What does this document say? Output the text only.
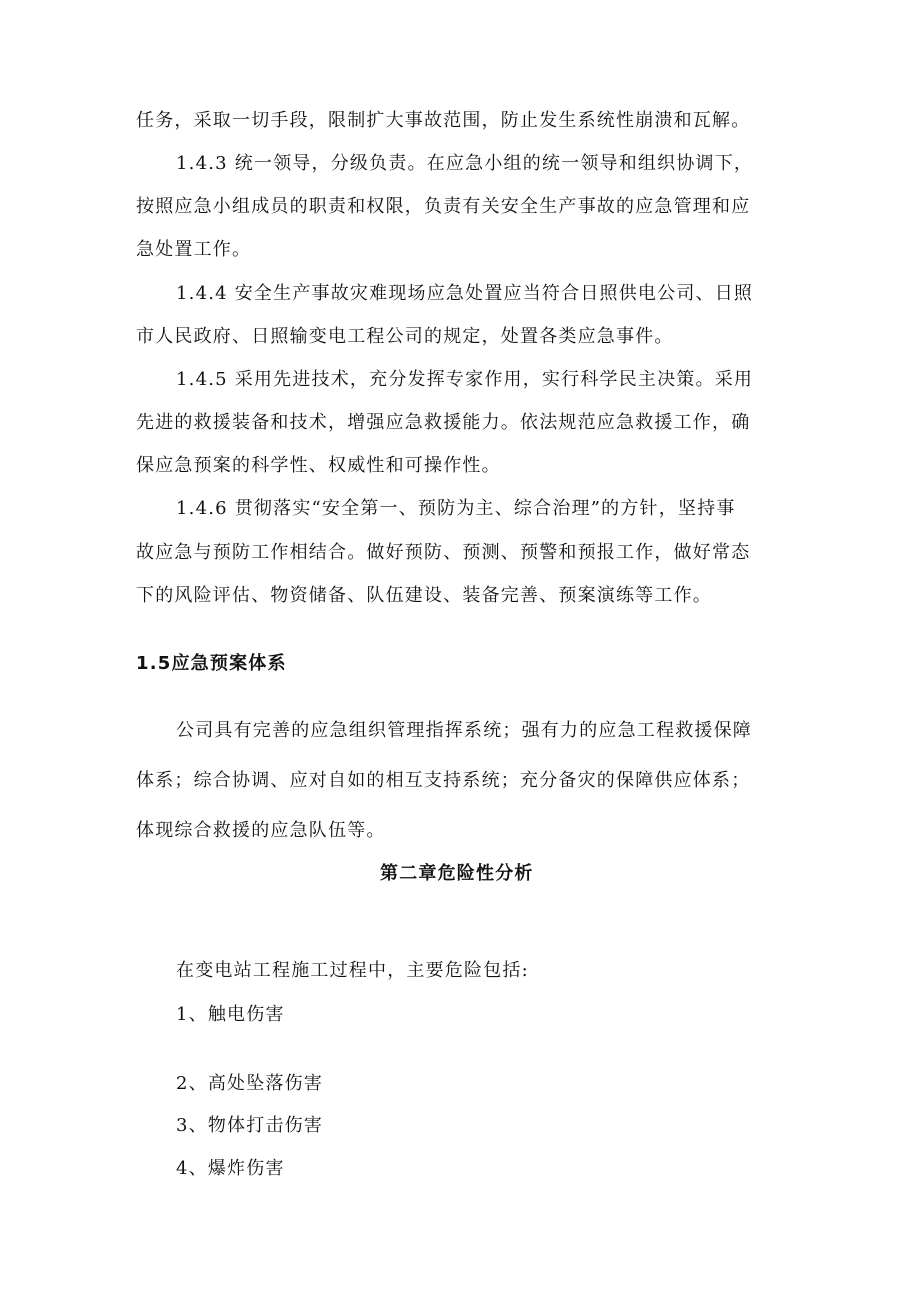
任务，采取一切手段，限制扩大事故范围，防止发生系统性崩溃和瓦解。
1.4.3 统一领导，分级负责。在应急小组的统一领导和组织协调下，
按照应急小组成员的职责和权限，负责有关安全生产事故的应急管理和应
急处置工作。
1.4.4 安全生产事故灾难现场应急处置应当符合日照供电公司、日照
市人民政府、日照输变电工程公司的规定，处置各类应急事件。
1.4.5 采用先进技术，充分发挥专家作用，实行科学民主决策。采用
先进的救援装备和技术，增强应急救援能力。依法规范应急救援工作，确
保应急预案的科学性、权威性和可操作性。
1.4.6 贯彻落实“安全第一、预防为主、综合治理”的方针，坚持事
故应急与预防工作相结合。做好预防、预测、预警和预报工作，做好常态
下的风险评估、物资储备、队伍建设、装备完善、预案演练等工作。
1.5应急预案体系
公司具有完善的应急组织管理指挥系统；强有力的应急工程救援保障
体系；综合协调、应对自如的相互支持系统；充分备灾的保障供应体系；
体现综合救援的应急队伍等。
第二章危险性分析
在变电站工程施工过程中，主要危险包括:
1、触电伤害
2、高处坠落伤害
3、物体打击伤害
4、爆炸伤害
